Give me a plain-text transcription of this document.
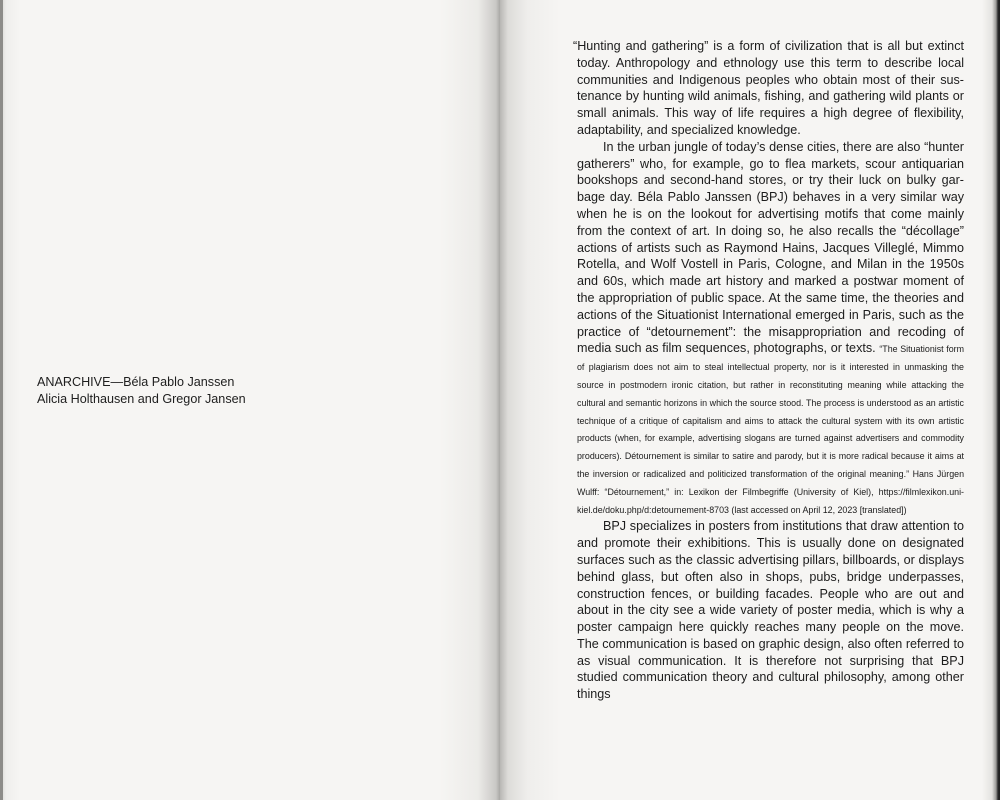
ANARCHIVE—Béla Pablo Janssen
Alicia Holthausen and Gregor Jansen

“Hunting and gathering” is a form of civilization that is all but extinct today. Anthropology and ethnology use this term to describe local communities and Indigenous peoples who obtain most of their sustenance by hunting wild animals, fishing, and gathering wild plants or small animals. This way of life requires a high degree of flexibility, adaptability, and specialized knowledge.

In the urban jungle of today’s dense cities, there are also “hunter gatherers” who, for example, go to flea markets, scour antiquarian bookshops and second-hand stores, or try their luck on bulky garbage day. Béla Pablo Janssen (BPJ) behaves in a very similar way when he is on the lookout for advertising motifs that come mainly from the context of art. In doing so, he also recalls the “décollage” actions of artists such as Raymond Hains, Jacques Villeglé, Mimmo Rotella, and Wolf Vostell in Paris, Cologne, and Milan in the 1950s and 60s, which made art history and marked a postwar moment of the appropriation of public space. At the same time, the theories and actions of the Situationist International emerged in Paris, such as the practice of “detournement”: the misappropriation and recoding of media such as film sequences, photographs, or texts. “The Situationist form of plagiarism does not aim to steal intellectual property, nor is it interested in unmasking the source in postmodern ironic citation, but rather in reconstituting meaning while attacking the cultural and semantic horizons in which the source stood. The process is understood as an artistic technique of a critique of capitalism and aims to attack the cultural system with its own artistic products (when, for example, advertising slogans are turned against advertisers and commodity producers). Détournement is similar to satire and parody, but it is more radical because it aims at the inversion or radicalized and politicized transformation of the original meaning.” Hans Jürgen Wulff: “Détournement,” in: Lexikon der Filmbegriffe (University of Kiel), https://filmlexikon.uni-kiel.de/doku.php/d:detournement-8703 (last accessed on April 12, 2023 [translated])

BPJ specializes in posters from institutions that draw attention to and promote their exhibitions. This is usually done on designated surfaces such as the classic advertising pillars, billboards, or displays behind glass, but often also in shops, pubs, bridge underpasses, construction fences, or building facades. People who are out and about in the city see a wide variety of poster media, which is why a poster campaign here quickly reaches many people on the move. The communication is based on graphic design, also often referred to as visual communication. It is therefore not surprising that BPJ studied communication theory and cultural philosophy, among other things
